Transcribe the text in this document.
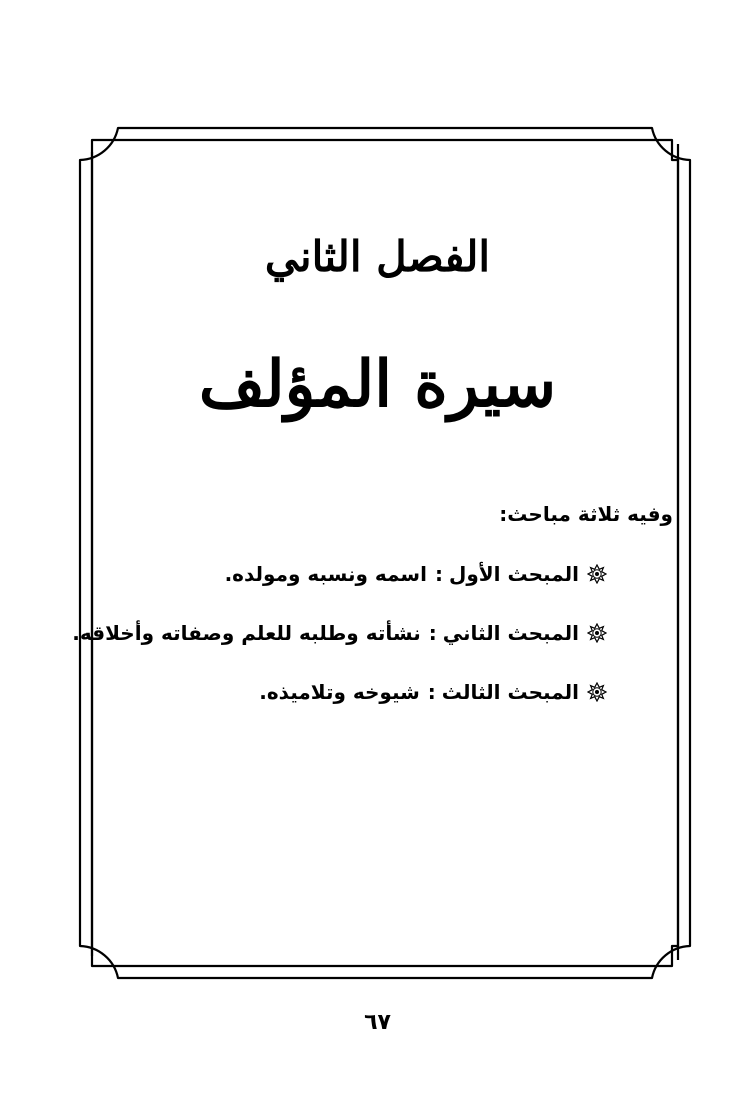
الفصل الثاني
سيرة المؤلف
وفيه ثلاثة مباحث:
المبحث الأول
:
اسمه ونسبه ومولده.
المبحث الثاني
:
نشأته وطلبه للعلم وصفاته وأخلاقه.
المبحث الثالث
:
شيوخه وتلاميذه.
٦٧
